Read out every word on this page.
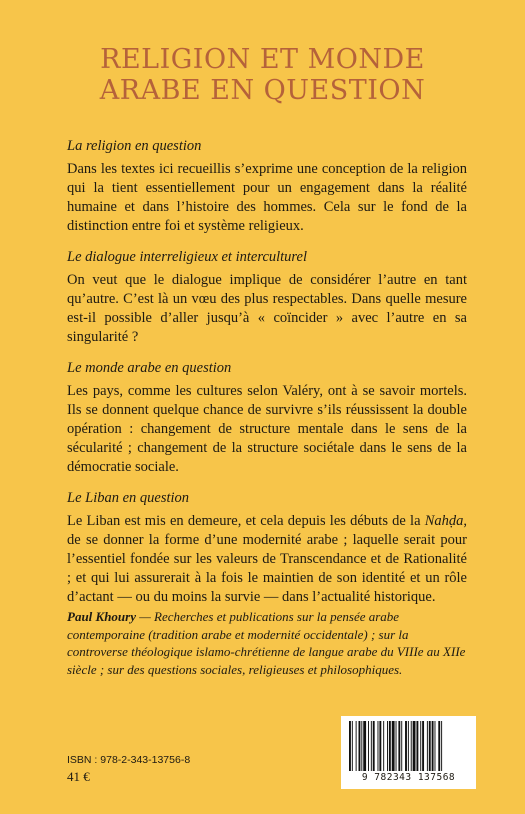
RELIGION ET MONDE
ARABE EN QUESTION
La religion en question
Dans les textes ici recueillis s’exprime une conception de la religion qui la tient essentiellement pour un engagement dans la réalité humaine et dans l’histoire des hommes. Cela sur le fond de la distinction entre foi et système religieux.
Le dialogue interreligieux et interculturel
On veut que le dialogue implique de considérer l’autre en tant qu’autre. C’est là un vœu des plus respectables. Dans quelle mesure est-il possible d’aller jusqu’à « coïncider » avec l’autre en sa singularité ?
Le monde arabe en question
Les pays, comme les cultures selon Valéry, ont à se savoir mortels. Ils se donnent quelque chance de survivre s’ils réussissent la double opération : changement de structure mentale dans le sens de la sécularité ; changement de la structure sociétale dans le sens de la démocratie sociale.
Le Liban en question
Le Liban est mis en demeure, et cela depuis les débuts de la Nahḍa, de se donner la forme d’une modernité arabe ; laquelle serait pour l’essentiel fondée sur les valeurs de Transcendance et de Rationalité ; et qui lui assurerait à la fois le maintien de son identité et un rôle d’actant — ou du moins la survie — dans l’actualité historique.
Paul Khoury — Recherches et publications sur la pensée arabe contemporaine (tradition arabe et modernité occidentale) ; sur la controverse théologique islamo-chrétienne de langue arabe du VIIIe au XIIe siècle ; sur des questions sociales, religieuses et philosophiques.
9 782343 137568
ISBN : 978-2-343-13756-8
41 €
